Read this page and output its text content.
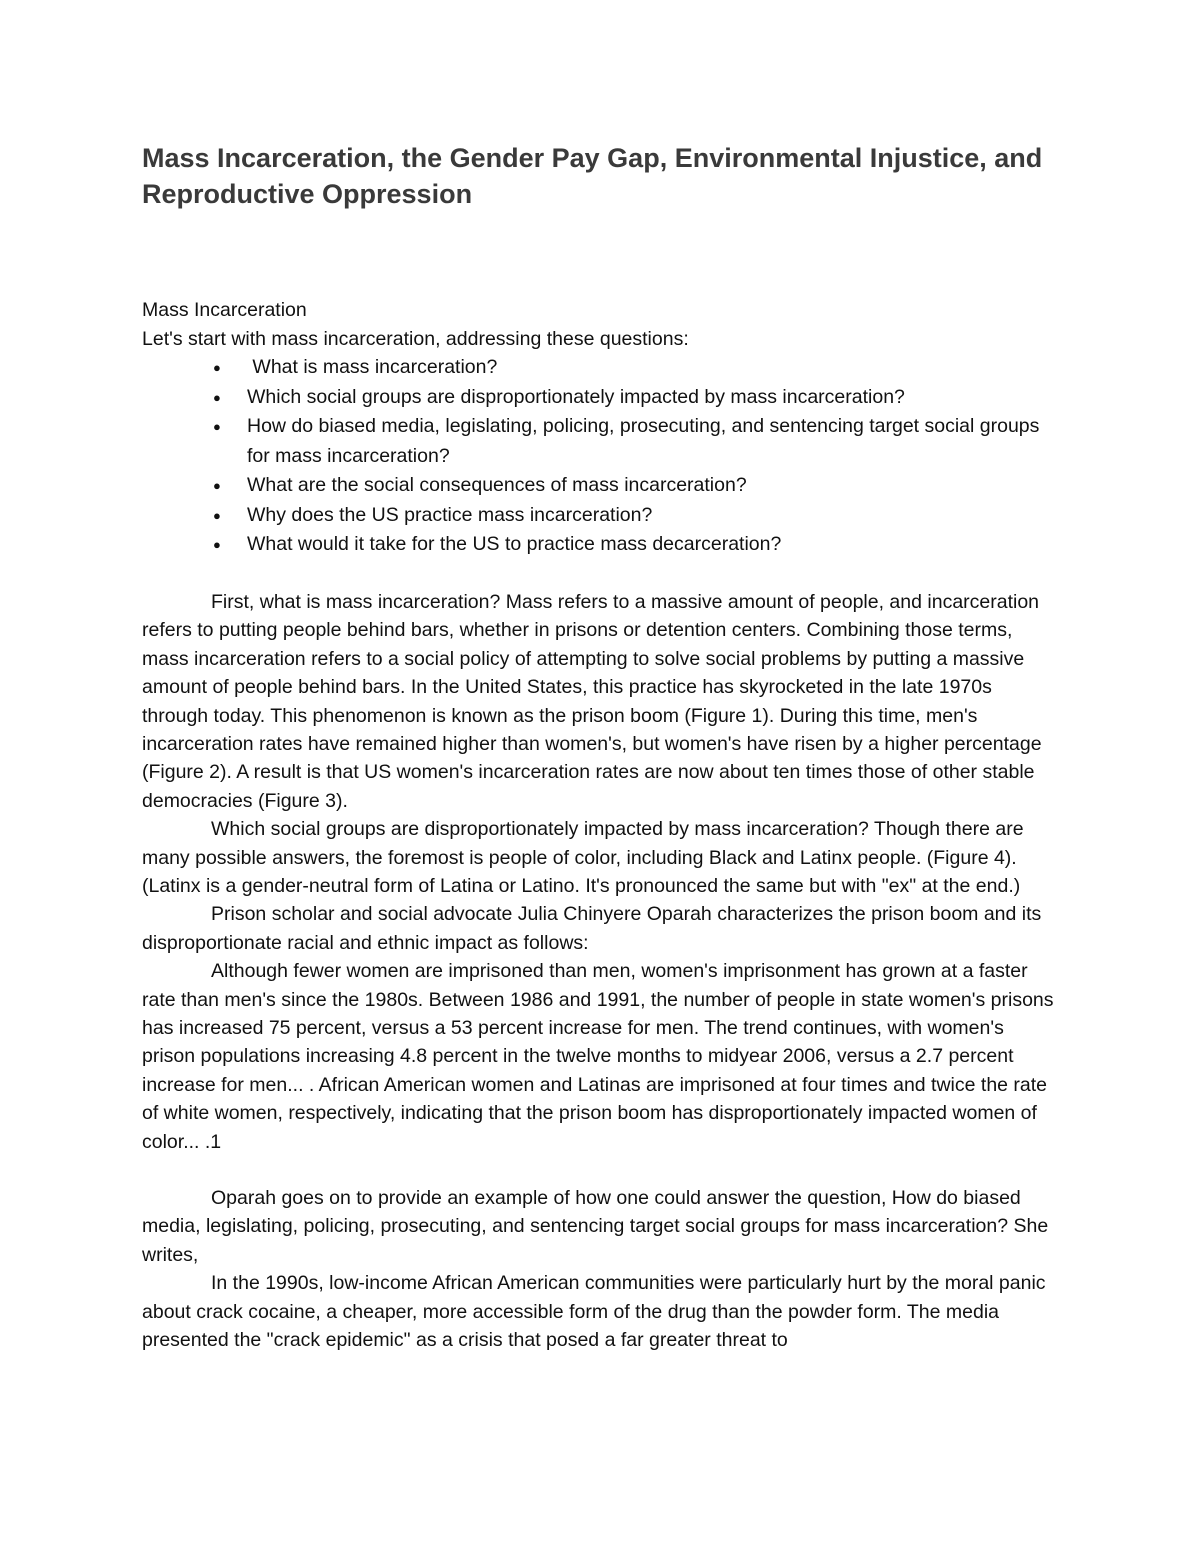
Mass Incarceration, the Gender Pay Gap, Environmental Injustice, and Reproductive Oppression
Mass Incarceration

Let's start with mass incarceration, addressing these questions:

● What is mass incarceration?
● Which social groups are disproportionately impacted by mass incarceration?
● How do biased media, legislating, policing, prosecuting, and sentencing target social groups for mass incarceration?
● What are the social consequences of mass incarceration?
● Why does the US practice mass incarceration?
● What would it take for the US to practice mass decarceration?

First, what is mass incarceration? Mass refers to a massive amount of people, and incarceration refers to putting people behind bars, whether in prisons or detention centers. Combining those terms, mass incarceration refers to a social policy of attempting to solve social problems by putting a massive amount of people behind bars. In the United States, this practice has skyrocketed in the late 1970s through today. This phenomenon is known as the prison boom (Figure 1). During this time, men's incarceration rates have remained higher than women's, but women's have risen by a higher percentage (Figure 2). A result is that US women's incarceration rates are now about ten times those of other stable democracies (Figure 3).

Which social groups are disproportionately impacted by mass incarceration? Though there are many possible answers, the foremost is people of color, including Black and Latinx people. (Figure 4). (Latinx is a gender-neutral form of Latina or Latino. It's pronounced the same but with "ex" at the end.)

Prison scholar and social advocate Julia Chinyere Oparah characterizes the prison boom and its disproportionate racial and ethnic impact as follows:

Although fewer women are imprisoned than men, women's imprisonment has grown at a faster rate than men's since the 1980s. Between 1986 and 1991, the number of people in state women's prisons has increased 75 percent, versus a 53 percent increase for men. The trend continues, with women's prison populations increasing 4.8 percent in the twelve months to midyear 2006, versus a 2.7 percent increase for men... . African American women and Latinas are imprisoned at four times and twice the rate of white women, respectively, indicating that the prison boom has disproportionately impacted women of color... .1

Oparah goes on to provide an example of how one could answer the question, How do biased media, legislating, policing, prosecuting, and sentencing target social groups for mass incarceration? She writes,

In the 1990s, low-income African American communities were particularly hurt by the moral panic about crack cocaine, a cheaper, more accessible form of the drug than the powder form. The media presented the "crack epidemic" as a crisis that posed a far greater threat to
